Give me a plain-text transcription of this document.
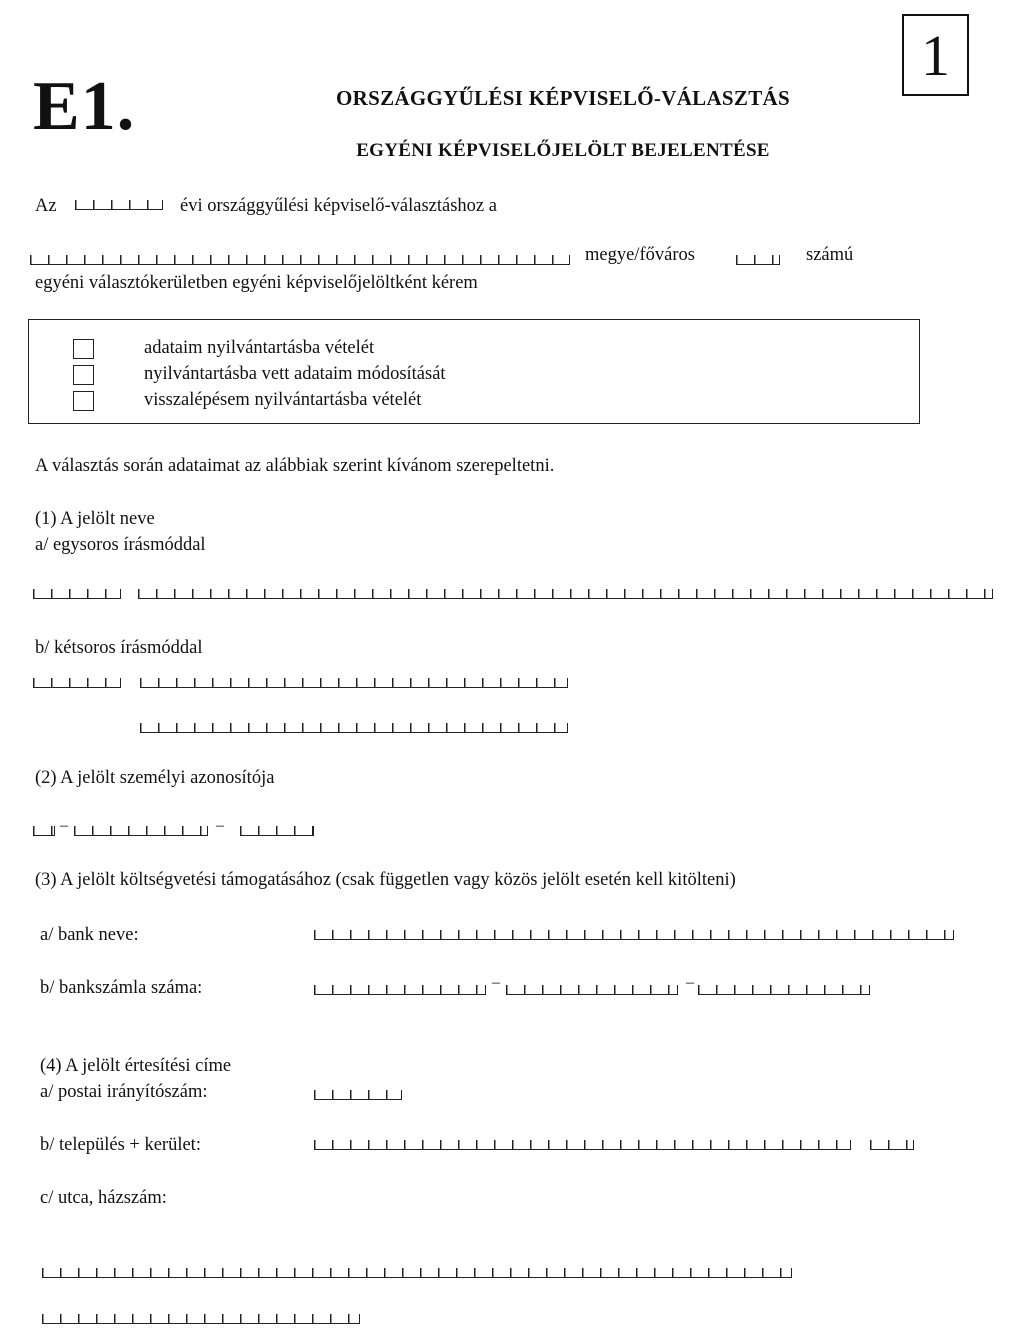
E1.	ORSZÁGGYŰLÉSI KÉPVISELŐ-VÁLASZTÁS
EGYÉNI KÉPVISELŐJELÖLT BEJELENTÉSE
1
Az	évi országgyűlési képviselő-választáshoz a
megye/főváros	számú
egyéni választókerületben egyéni képviselőjelöltként kérem
adataim nyilvántartásba vételét
nyilvántartásba vett adataim módosítását
visszalépésem nyilvántartásba vételét
A választás során adataimat az alábbiak szerint kívánom szerepeltetni.
(1) A jelölt neve
a/ egysoros írásmóddal
b/ kétsoros írásmóddal
(2) A jelölt személyi azonosítója
–	–
(3) A jelölt költségvetési támogatásához (csak független vagy közös jelölt esetén kell kitölteni)
a/ bank neve:
b/ bankszámla száma:	–	–
(4) A jelölt értesítési címe
a/ postai irányítószám:
b/ település + kerület:
c/ utca, házszám:
